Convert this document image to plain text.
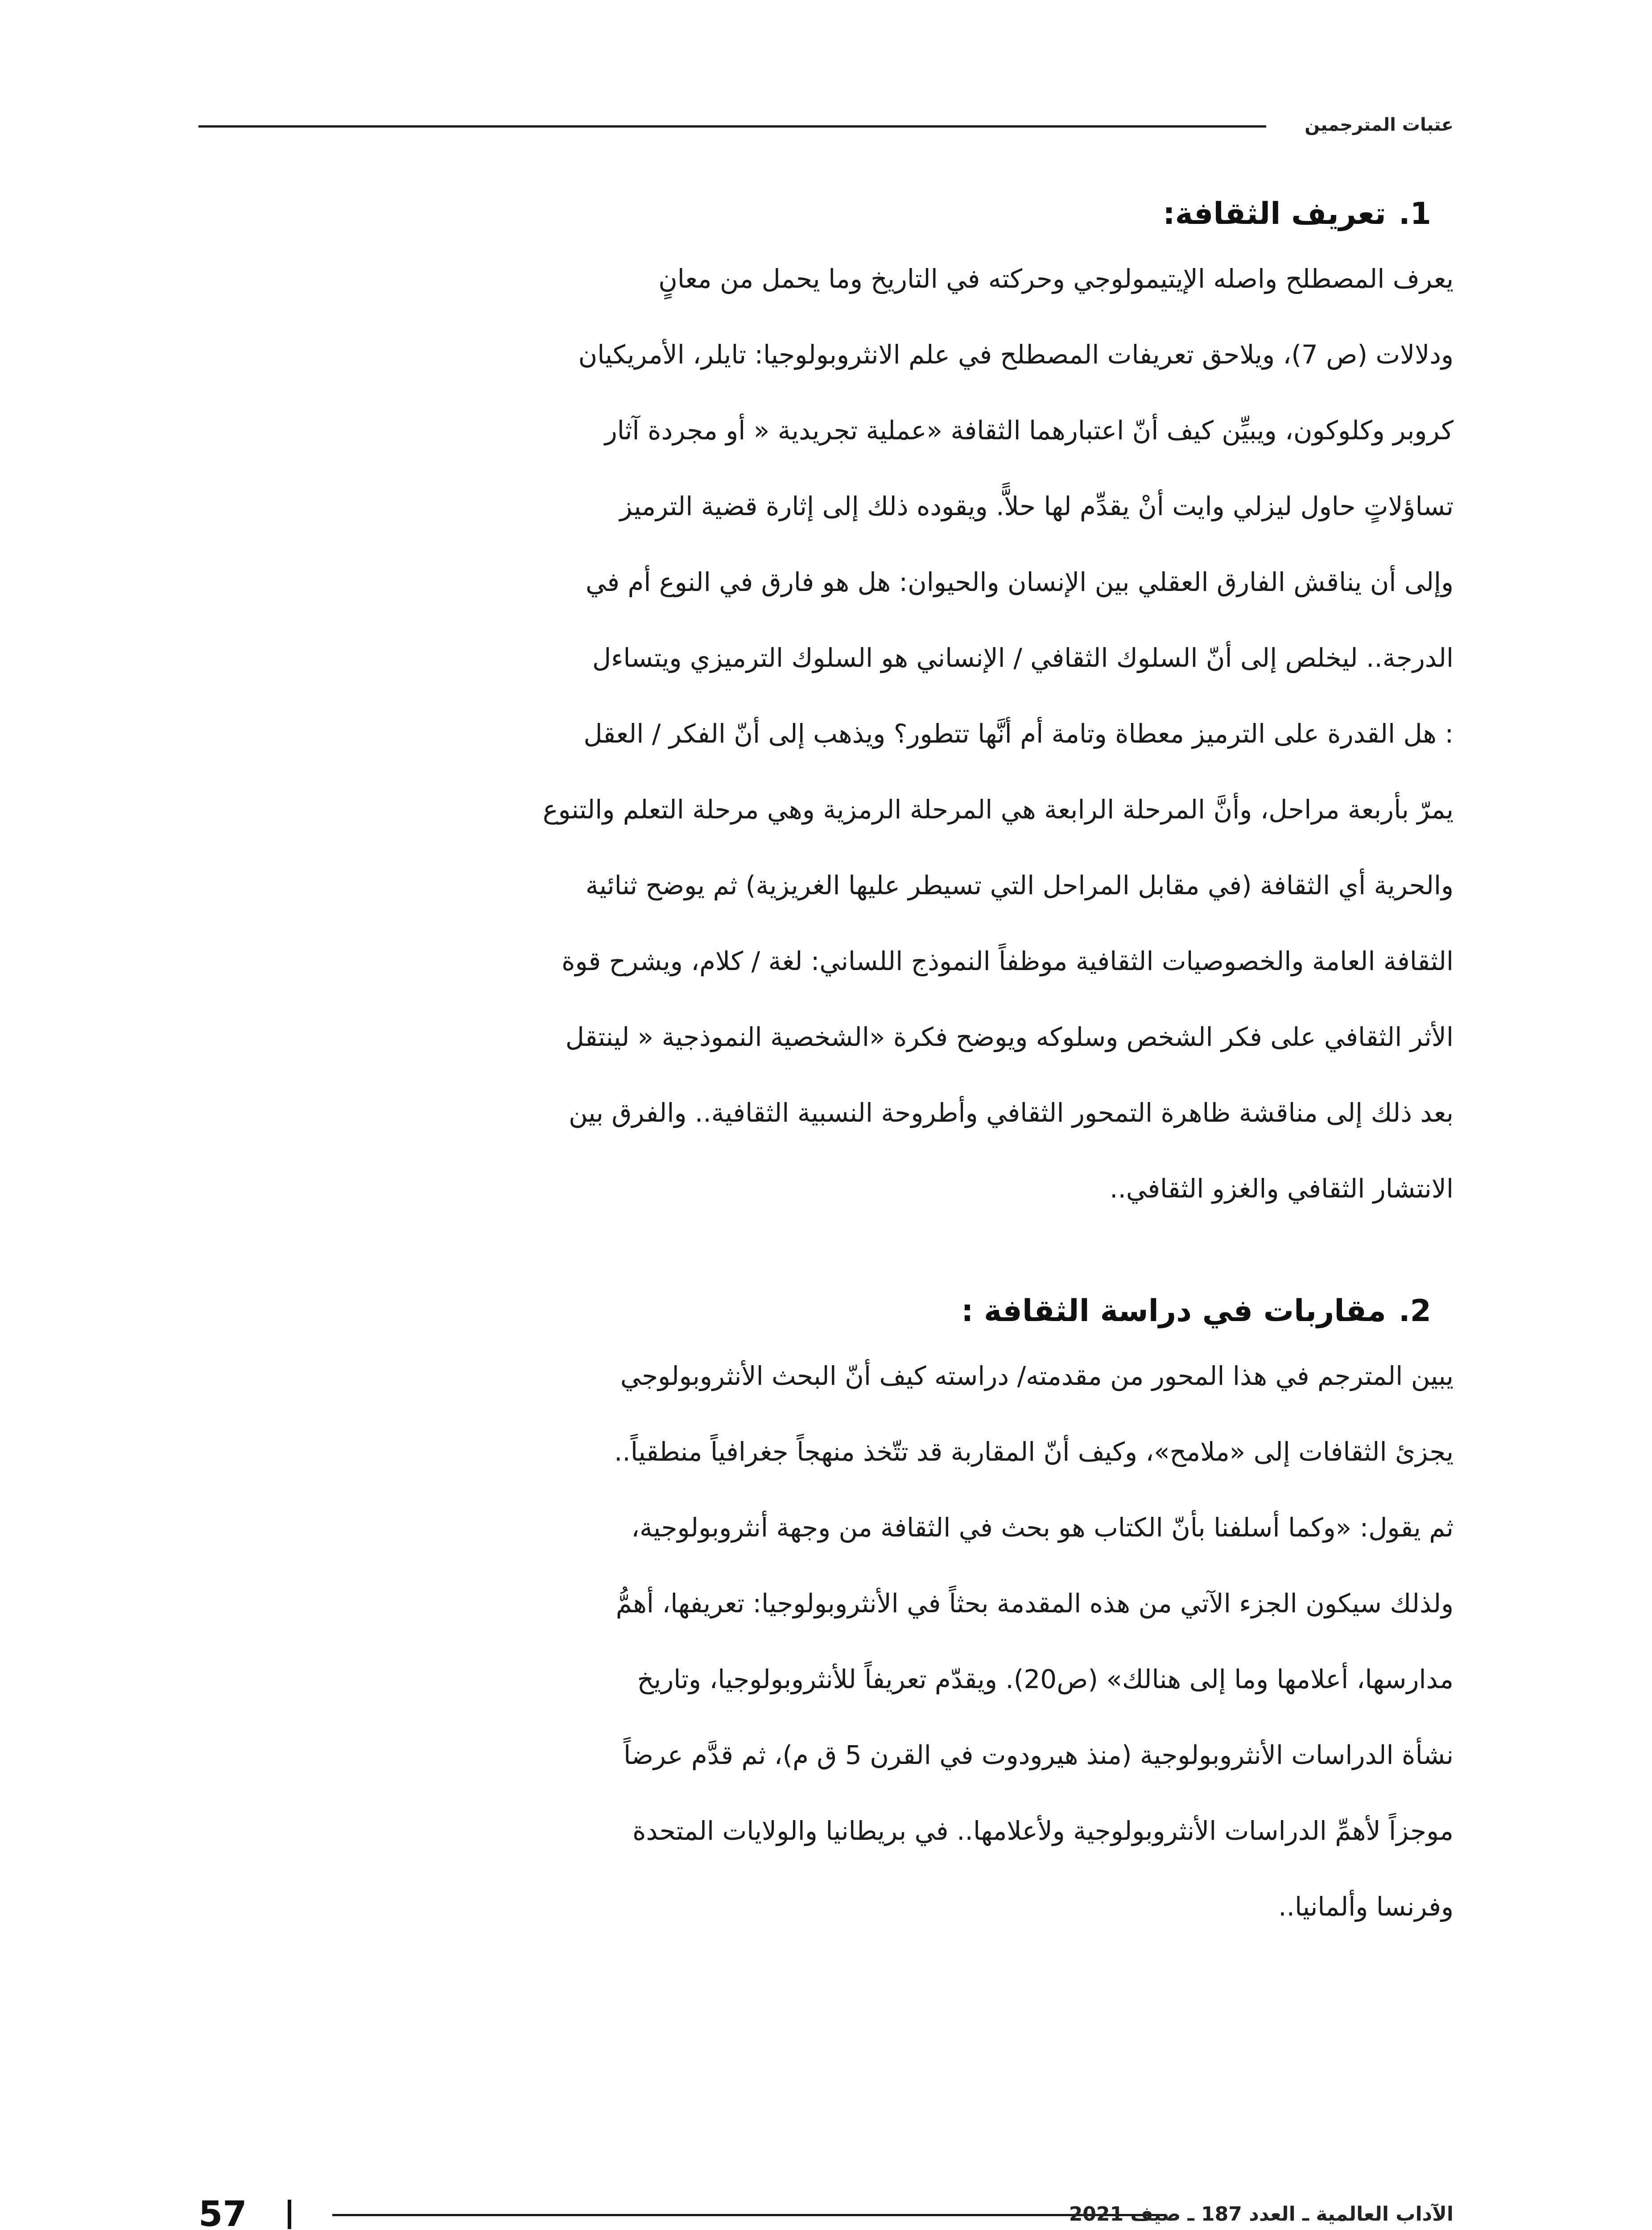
عتبات المترجمين
1.تعريف الثقافة:

يعرف المصطلح واصله الإيتيمولوجي وحركته في التاريخ وما يحمل من معانٍ
ودلالات (ص 7)، ويلاحق تعريفات المصطلح في علم الانثروبولوجيا: تايلر، الأمريكيان
كروبر وكلوكون، ويبيِّن كيف أنّ اعتبارهما الثقافة «عملية تجريدية « أو مجردة آثار
تساؤلاتٍ حاول ليزلي وايت أنْ يقدِّم لها حلاًّ. ويقوده ذلك إلى إثارة قضية الترميز
وإلى أن يناقش الفارق العقلي بين الإنسان والحيوان: هل هو فارق في النوع أم في
الدرجة.. ليخلص إلى أنّ السلوك الثقافي / الإنساني هو السلوك الترميزي ويتساءل
: هل القدرة على الترميز معطاة وتامة أم أنَّها تتطور؟ ويذهب إلى أنّ الفكر / العقل
يمرّ بأربعة مراحل، وأنَّ المرحلة الرابعة هي المرحلة الرمزية وهي مرحلة التعلم والتنوع
والحرية أي الثقافة (في مقابل المراحل التي تسيطر عليها الغريزية) ثم يوضح ثنائية
الثقافة العامة والخصوصيات الثقافية موظفاً النموذج اللساني: لغة / كلام، ويشرح قوة
الأثر الثقافي على فكر الشخص وسلوكه ويوضح فكرة «الشخصية النموذجية « لينتقل
بعد ذلك إلى مناقشة ظاهرة التمحور الثقافي وأطروحة النسبية الثقافية.. والفرق بين
الانتشار الثقافي والغزو الثقافي..

2.مقاربات في دراسة الثقافة :

يبين المترجم في هذا المحور من مقدمته/ دراسته كيف أنّ البحث الأنثروبولوجي
يجزئ الثقافات إلى «ملامح»، وكيف أنّ المقاربة قد تتّخذ منهجاً جغرافياً منطقياً..
ثم يقول: «وكما أسلفنا بأنّ الكتاب هو بحث في الثقافة من وجهة أنثروبولوجية،
ولذلك سيكون الجزء الآتي من هذه المقدمة بحثاً في الأنثروبولوجيا: تعريفها، أهمُّ
مدارسها، أعلامها وما إلى هنالك» (ص20). ويقدّم تعريفاً للأنثروبولوجيا، وتاريخ
نشأة الدراسات الأنثروبولوجية (منذ هيرودوت في القرن 5 ق م)، ثم قدَّم عرضاً
موجزاً لأهمِّ الدراسات الأنثروبولوجية ولأعلامها.. في بريطانيا والولايات المتحدة
وفرنسا وألمانيا..

57	الآداب العالمية ـ العدد 187 ـ صيف 2021
